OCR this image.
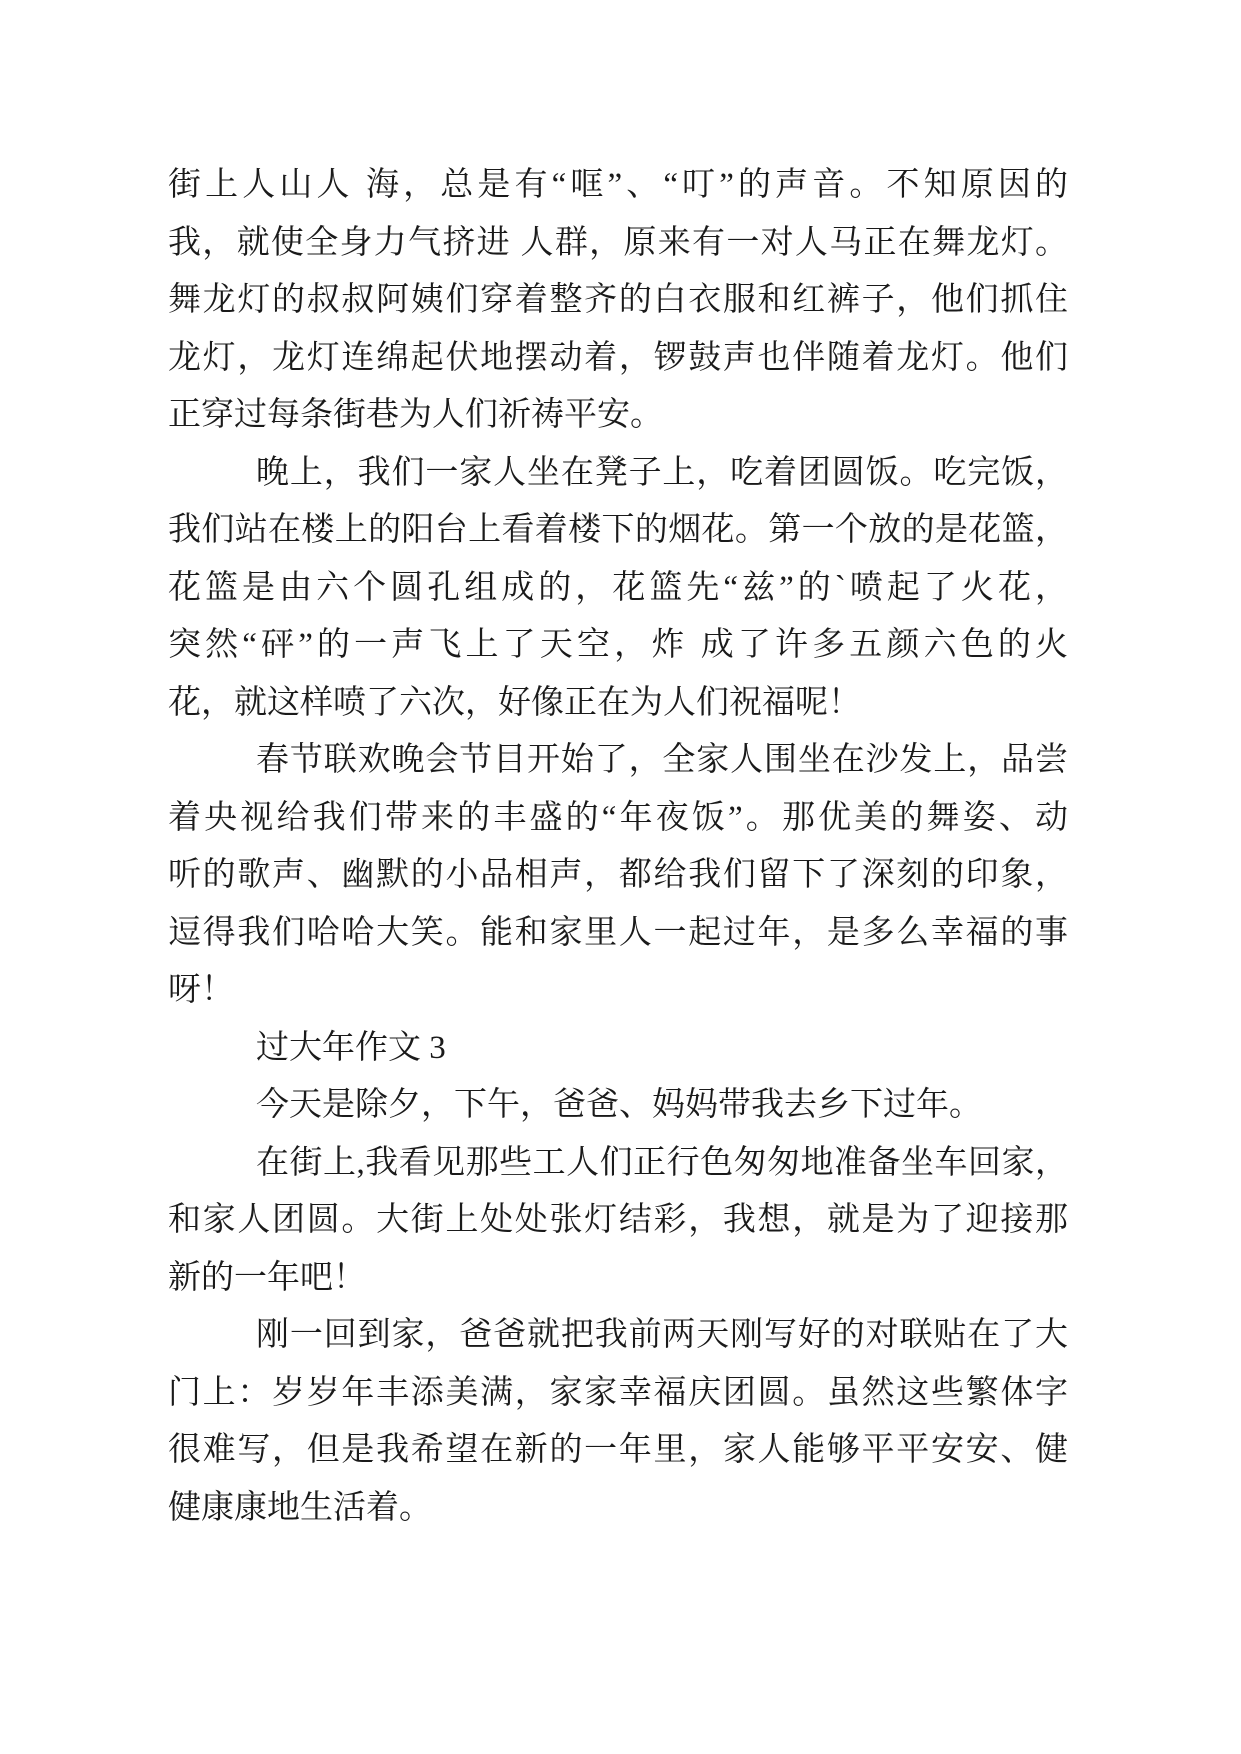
街上人山人 海，总是有“哐”、“叮”的声音。不知原因的
我，就使全身力气挤进 人群，原来有一对人马正在舞龙灯。
舞龙灯的叔叔阿姨们穿着整齐的白衣服和红裤子，他们抓住
龙灯，龙灯连绵起伏地摆动着，锣鼓声也伴随着龙灯。他们
正穿过每条街巷为人们祈祷平安。
晚上，我们一家人坐在凳子上，吃着团圆饭。吃完饭，
我们站在楼上的阳台上看着楼下的烟花。第一个放的是花篮，
花篮是由六个圆孔组成的，花篮先“兹”的`喷起了火花，
突然“砰”的一声飞上了天空，炸 成了许多五颜六色的火
花，就这样喷了六次，好像正在为人们祝福呢！
春节联欢晚会节目开始了，全家人围坐在沙发上，品尝
着央视给我们带来的丰盛的“年夜饭”。那优美的舞姿、动
听的歌声、幽默的小品相声，都给我们留下了深刻的印象，
逗得我们哈哈大笑。能和家里人一起过年，是多么幸福的事
呀！
过大年作文 3
今天是除夕，下午，爸爸、妈妈带我去乡下过年。
在街上,我看见那些工人们正行色匆匆地准备坐车回家，
和家人团圆。大街上处处张灯结彩，我想，就是为了迎接那
新的一年吧！
刚一回到家，爸爸就把我前两天刚写好的对联贴在了大
门上：岁岁年丰添美满，家家幸福庆团圆。虽然这些繁体字
很难写，但是我希望在新的一年里，家人能够平平安安、健
健康康地生活着。
